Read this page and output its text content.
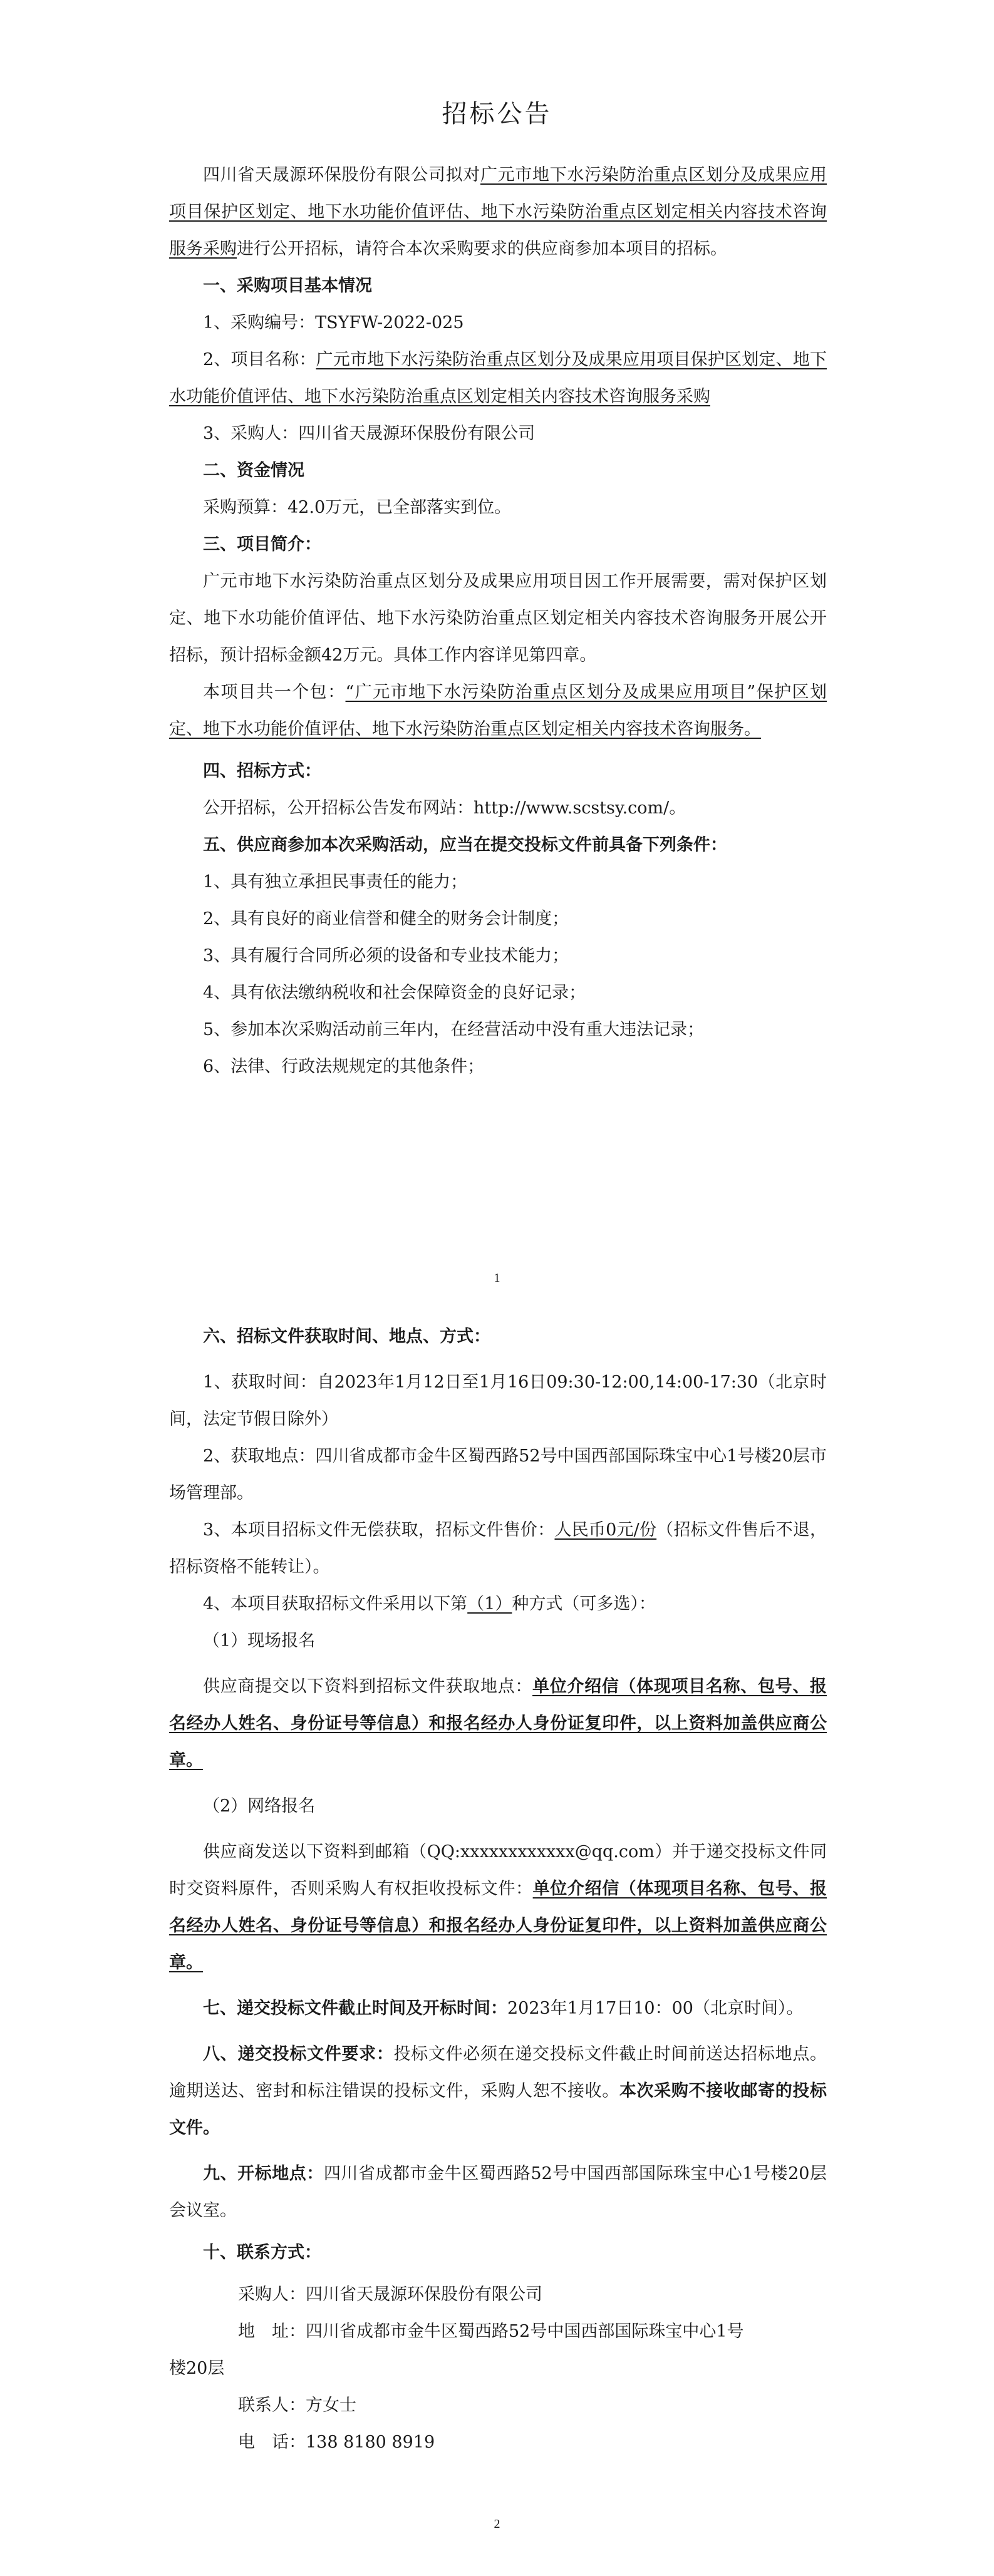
招标公告

四川省天晟源环保股份有限公司拟对广元市地下水污染防治重点区划分及成果应用项目保护区划定、地下水功能价值评估、地下水污染防治重点区划定相关内容技术咨询服务采购进行公开招标，请符合本次采购要求的供应商参加本项目的招标。

一、采购项目基本情况

1、采购编号：TSYFW-2022-025

2、项目名称：广元市地下水污染防治重点区划分及成果应用项目保护区划定、地下水功能价值评估、地下水污染防治重点区划定相关内容技术咨询服务采购

3、采购人：四川省天晟源环保股份有限公司

二、资金情况

采购预算：42.0万元，已全部落实到位。

三、项目简介：

广元市地下水污染防治重点区划分及成果应用项目因工作开展需要，需对保护区划定、地下水功能价值评估、地下水污染防治重点区划定相关内容技术咨询服务开展公开招标，预计招标金额42万元。具体工作内容详见第四章。

本项目共一个包：“广元市地下水污染防治重点区划分及成果应用项目”保护区划定、地下水功能价值评估、地下水污染防治重点区划定相关内容技术咨询服务。

四、招标方式：

公开招标，公开招标公告发布网站：http://www.scstsy.com/。

五、供应商参加本次采购活动，应当在提交投标文件前具备下列条件：

1、具有独立承担民事责任的能力；

2、具有良好的商业信誉和健全的财务会计制度；

3、具有履行合同所必须的设备和专业技术能力；

4、具有依法缴纳税收和社会保障资金的良好记录；

5、参加本次采购活动前三年内，在经营活动中没有重大违法记录；

6、法律、行政法规规定的其他条件；

1

六、招标文件获取时间、地点、方式：

1、获取时间：自2023年1月12日至1月16日09:30-12:00,14:00-17:30（北京时间，法定节假日除外）

2、获取地点：四川省成都市金牛区蜀西路52号中国西部国际珠宝中心1号楼20层市场管理部。

3、本项目招标文件无偿获取，招标文件售价：人民币0元/份（招标文件售后不退，招标资格不能转让）。

4、本项目获取招标文件采用以下第（1）种方式（可多选）：

（1）现场报名

供应商提交以下资料到招标文件获取地点：单位介绍信（体现项目名称、包号、报名经办人姓名、身份证号等信息）和报名经办人身份证复印件，以上资料加盖供应商公章。

（2）网络报名

供应商发送以下资料到邮箱（QQ:xxxxxxxxxxxx@qq.com）并于递交投标文件同时交资料原件，否则采购人有权拒收投标文件：单位介绍信（体现项目名称、包号、报名经办人姓名、身份证号等信息）和报名经办人身份证复印件，以上资料加盖供应商公章。

七、递交投标文件截止时间及开标时间：2023年1月17日10：00（北京时间）。

八、递交投标文件要求：投标文件必须在递交投标文件截止时间前送达招标地点。逾期送达、密封和标注错误的投标文件，采购人恕不接收。本次采购不接收邮寄的投标文件。

九、开标地点：四川省成都市金牛区蜀西路52号中国西部国际珠宝中心1号楼20层会议室。

十、联系方式：

采购人：四川省天晟源环保股份有限公司

地　址：四川省成都市金牛区蜀西路52号中国西部国际珠宝中心1号

楼20层

联系人：方女士

电　话：138 8180 8919

2
